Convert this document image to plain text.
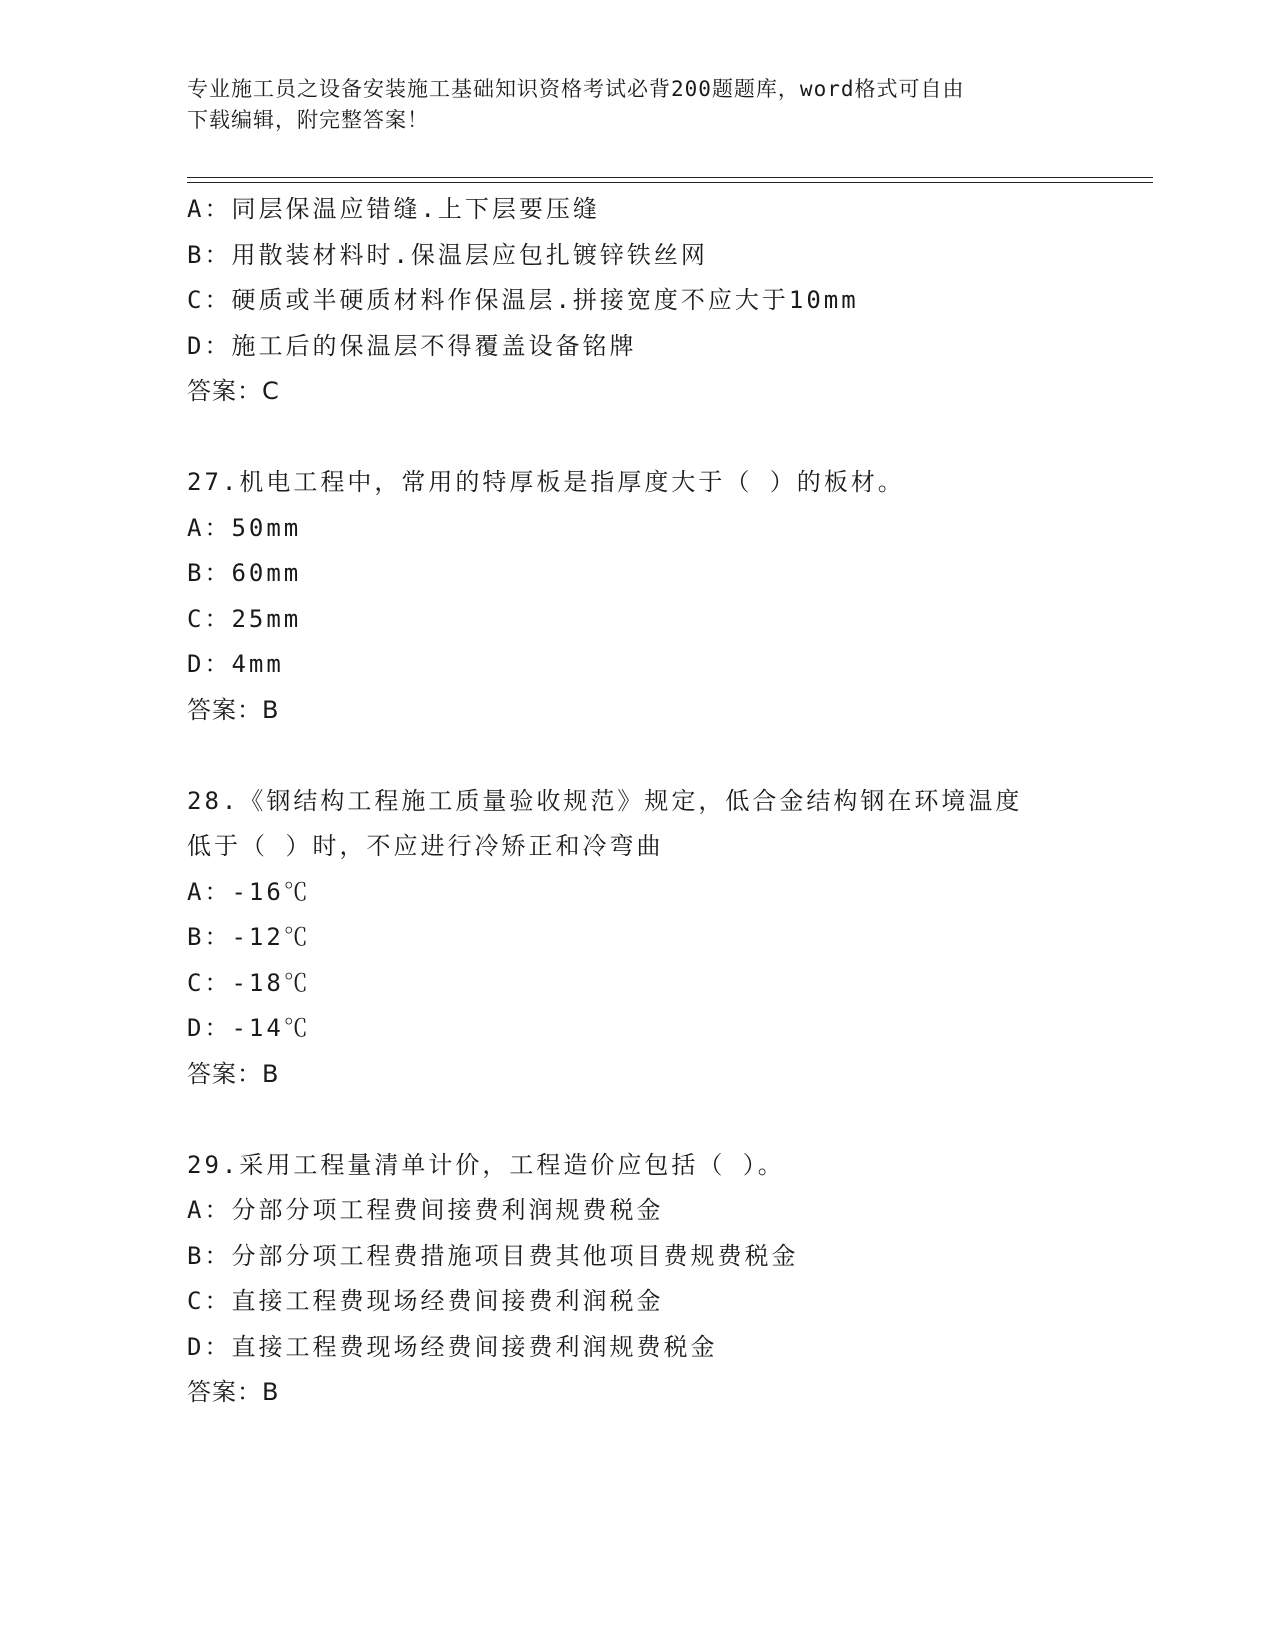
专业施工员之设备安装施工基础知识资格考试必背200题题库，word格式可自由
下载编辑，附完整答案！
A：同层保温应错缝.上下层要压缝
B：用散装材料时.保温层应包扎镀锌铁丝网
C：硬质或半硬质材料作保温层.拼接宽度不应大于10mm
D：施工后的保温层不得覆盖设备铭牌
答案：C
27.机电工程中，常用的特厚板是指厚度大于（ ）的板材。
A：50mm
B：60mm
C：25mm
D：4mm
答案：B
28.《钢结构工程施工质量验收规范》规定，低合金结构钢在环境温度
低于（ ）时，不应进行冷矫正和冷弯曲
A：-16℃
B：-12℃
C：-18℃
D：-14℃
答案：B
29.采用工程量清单计价，工程造价应包括（ ）。
A：分部分项工程费间接费利润规费税金
B：分部分项工程费措施项目费其他项目费规费税金
C：直接工程费现场经费间接费利润税金
D：直接工程费现场经费间接费利润规费税金
答案：B
